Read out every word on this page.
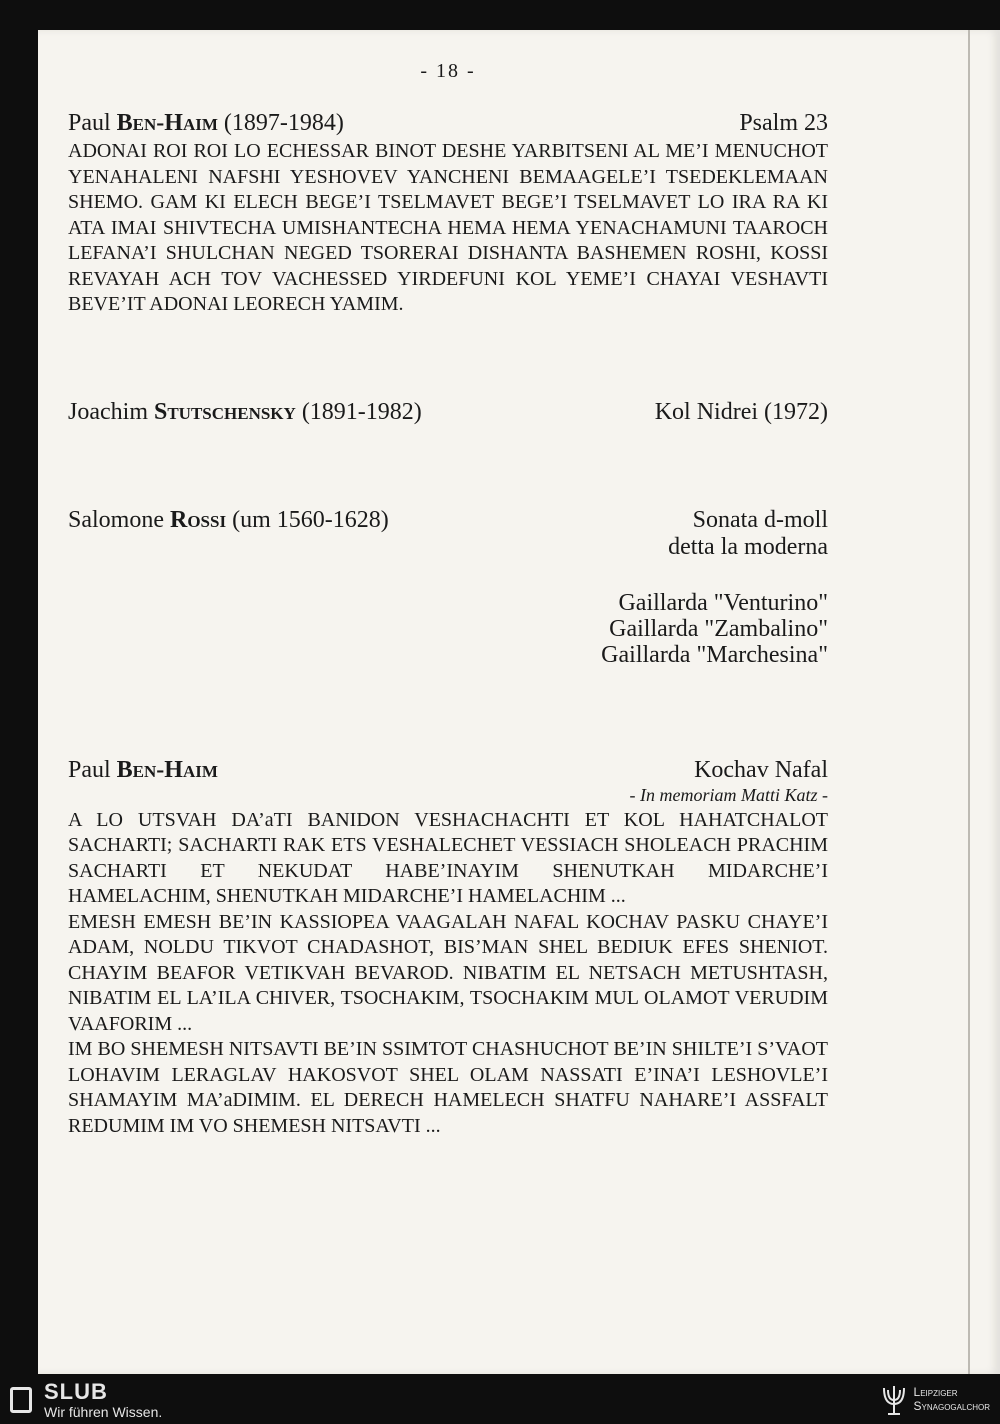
- 18 -
Paul Ben-Haim (1897-1984)	Psalm 23

ADONAI ROI ROI LO ECHESSAR BINOT DESHE YARBITSENI AL ME’I MENUCHOT YENAHALENI NAFSHI YESHOVEV YANCHENI BEMAAGELE’I TSEDEKLEMAAN SHEMO. GAM KI ELECH BEGE’I TSELMAVET BEGE’I TSELMAVET LO IRA RA KI ATA IMAI SHIVTECHA UMISHANTECHA HEMA HEMA YENACHAMUNI TAAROCH LEFANA’I SHULCHAN NEGED TSORERAI DISHANTA BASHEMEN ROSHI, KOSSI REVAYAH ACH TOV VACHESSED YIRDEFUNI KOL YEME’I CHAYAI VESHAVTI BEVE’IT ADONAI LEORECH YAMIM.

Joachim Stutschensky (1891-1982)	Kol Nidrei (1972)
Salomone Rossi (um 1560-1628)	Sonata d-moll
detta la moderna
Gaillarda "Venturino"
Gaillarda "Zambalino"
Gaillarda "Marchesina"
Paul Ben-Haim	Kochav Nafal
- In memoriam Matti Katz -

A LO UTSVAH DA’aTI BANIDON VESHACHACHTI ET KOL HAHATCHALOT SACHARTI; SACHARTI RAK ETS VESHALECHET VESSIACH SHOLEACH PRACHIM SACHARTI ET NEKUDAT HABE’INAYIM SHENUTKAH MIDARCHE’I HAMELACHIM, SHENUTKAH MIDARCHE’I HAMELACHIM ...

EMESH EMESH BE’IN KASSIOPEA VAAGALAH NAFAL KOCHAV PASKU CHAYE’I ADAM, NOLDU TIKVOT CHADASHOT, BIS’MAN SHEL BEDIUK EFES SHENIOT. CHAYIM BEAFOR VETIKVAH BEVAROD. NIBATIM EL NETSACH METUSHTASH, NIBATIM EL LA’ILA CHIVER, TSOCHAKIM, TSOCHAKIM MUL OLAMOT VERUDIM VAAFORIM ...

IM BO SHEMESH NITSAVTI BE’IN SSIMTOT CHASHUCHOT BE’IN SHILTE’I S’VAOT LOHAVIM LERAGLAV HAKOSVOT SHEL OLAM NASSATI E’INA’I LESHOVLE’I SHAMAYIM MA’aDIMIM. EL DERECH HAMELECH SHATFU NAHARE’I ASSFALT REDUMIM IM VO SHEMESH NITSAVTI ...

SLUB
Wir führen Wissen.
Leipziger
Synagogalchor
